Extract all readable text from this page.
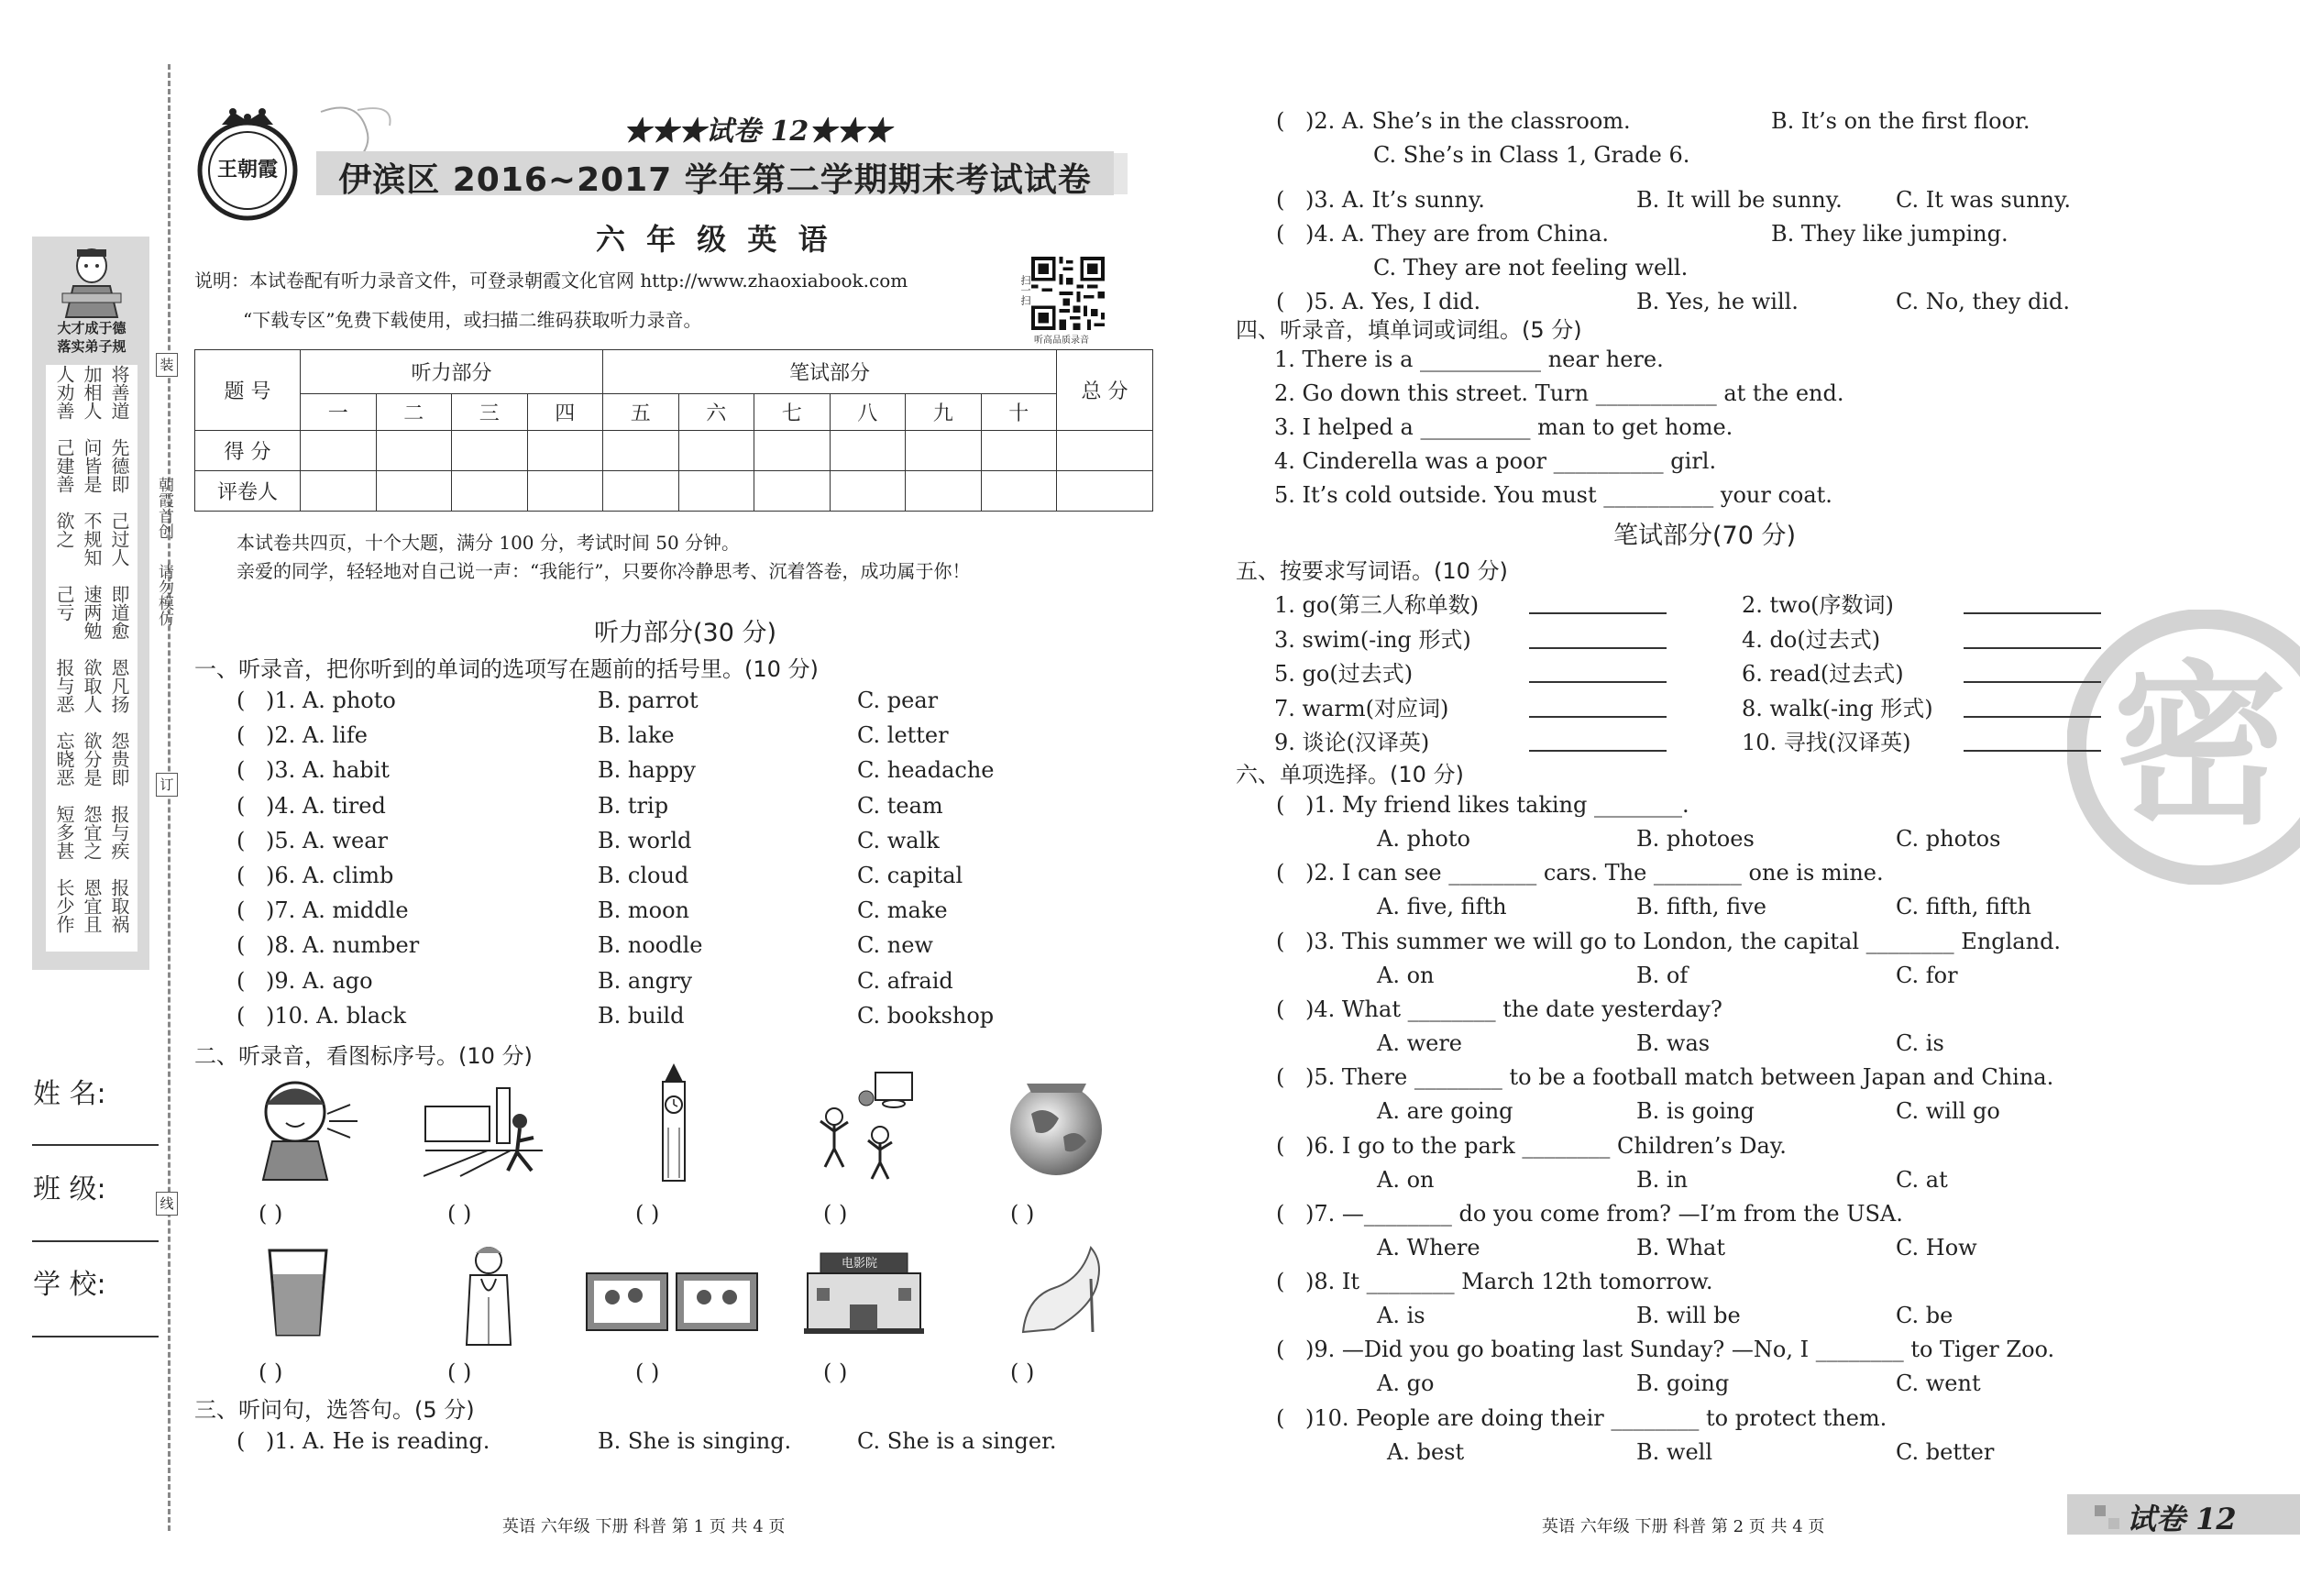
大才成于德
落实弟子规
将善道
加相人
人劝善
先德即
问皆是
己建善
己过人
不规知
欲之
即道愈
速两勉
己亏
恩凡扬
欲取人
报与恶
怨贵即
欲分是
忘晓恶
报与疾
怨宜之
短多甚
报取祸
恩宜且
长少作
姓 名:
班 级:
学 校:
装
朝霞首创
请勿模仿
订
线
王朝霞
★★★试卷 12★★★
伊滨区 2016~2017 学年第二学期期末考试试卷
六 年 级 英 语
说明：本试卷配有听力录音文件，可登录朝霞文化官网 http://www.zhaoxiabook.com
“下载专区”免费下载使用，或扫描二维码获取听力录音。
扫一扫
听高品质录音
题 号	听力部分				笔试部分						总 分
	一	二	三	四	五	六	七	八	九	十	
得 分											
评卷人											
本试卷共四页，十个大题，满分 100 分，考试时间 50 分钟。
亲爱的同学，轻轻地对自己说一声：“我能行”，只要你冷静思考、沉着答卷，成功属于你！
听力部分(30 分)
一、听录音，把你听到的单词的选项写在题前的括号里。(10 分)
二、听录音，看图标序号。(10 分)
( )	( )	( )	( )	( )
电影院
( )	( )	( )	( )	( )
三、听问句，选答句。(5 分)
四、听录音，填单词或词组。(5 分)
笔试部分(70 分)
五、按要求写词语。(10 分)
六、单项选择。(10 分)	密
英语 六年级 下册 科普 第 1 页 共 4 页	英语 六年级 下册 科普 第 2 页 共 4 页	试卷 12
( )1. A. photo	B. parrot	C. pear
( )2. A. life	B. lake	C. letter
( )3. A. habit	B. happy	C. headache
( )4. A. tired	B. trip	C. team
( )5. A. wear	B. world	C. walk
( )6. A. climb	B. cloud	C. capital
( )7. A. middle	B. moon	C. make
( )8. A. number	B. noodle	C. new
( )9. A. ago	B. angry	C. afraid
( )10. A. black	B. build	C. bookshop
( )1. A. He is reading.	B. She is singing.	C. She is a singer.
( )2. A. She’s in the classroom.	B. It’s on the first floor.
C. She’s in Class 1, Grade 6.
( )3. A. It’s sunny.	B. It will be sunny. C. It was sunny.
( )4. A. They are from China.	B. They like jumping.
C. They are not feeling well.
( )5. A. Yes, I did.	B. Yes, he will.	C. No, they did.
1. There is a ___________ near here.
2. Go down this street. Turn ___________ at the end.
3. I helped a __________ man to get home.
4. Cinderella was a poor __________ girl.
5. It’s cold outside. You must __________ your coat.
1. go(第三人称单数)	2. two(序数词)
3. swim(-ing 形式)	4. do(过去式)
5. go(过去式)	6. read(过去式)
7. warm(对应词)	8. walk(-ing 形式)
9. 谈论(汉译英)	10. 寻找(汉译英)
( )1. My friend likes taking ________.
A. photo	B. photoes	C. photos
( )2. I can see ________ cars. The ________ one is mine.
A. five, fifth	B. fifth, five	C. fifth, fifth
( )3. This summer we will go to London, the capital ________ England.
A. on	B. of	C. for
( )4. What ________ the date yesterday?
A. were	B. was	C. is
( )5. There ________ to be a football match between Japan and China.
A. are going	B. is going	C. will go
( )6. I go to the park ________ Children’s Day.
A. on	B. in	C. at
( )7. —________ do you come from? —I’m from the USA.
A. Where	B. What	C. How
( )8. It ________ March 12th tomorrow.
A. is	B. will be	C. be
( )9. —Did you go boating last Sunday? —No, I ________ to Tiger Zoo.
A. go	B. going	C. went
( )10. People are doing their ________ to protect them.
A. best	B. well	C. better
